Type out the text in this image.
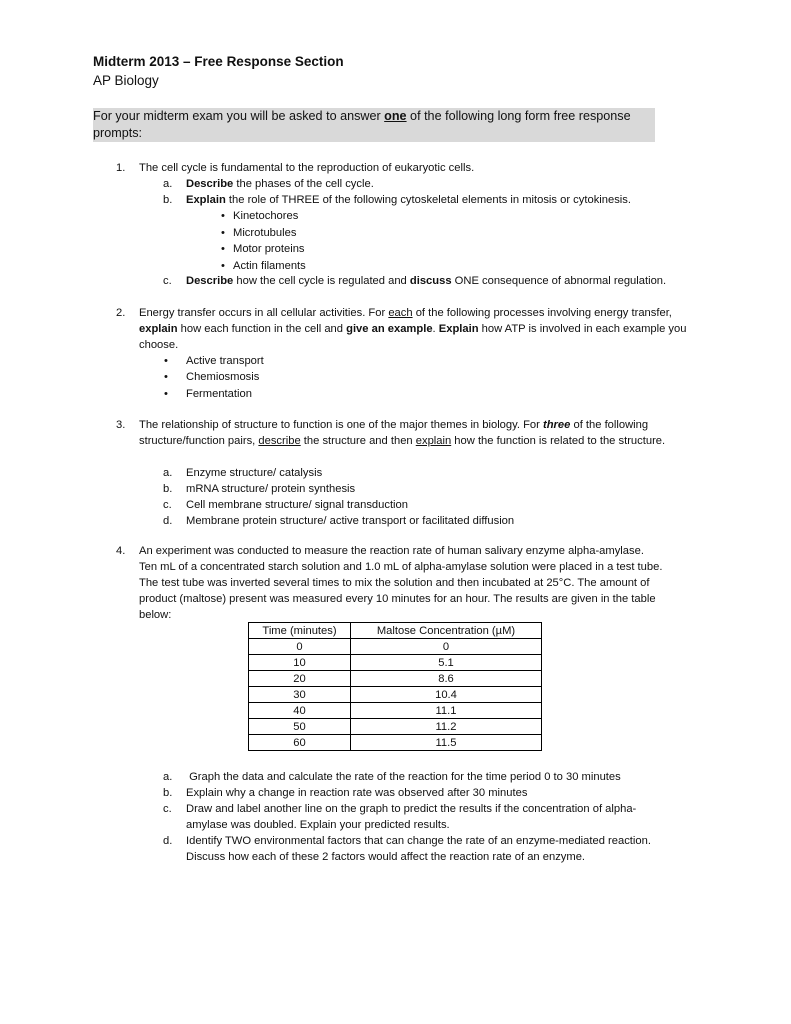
Midterm 2013 – Free Response Section
AP Biology
For your midterm exam you will be asked to answer one of the following long form free response prompts:
1. The cell cycle is fundamental to the reproduction of eukaryotic cells.
a. Describe the phases of the cell cycle.
b. Explain the role of THREE of the following cytoskeletal elements in mitosis or cytokinesis.
• Kinetochores
• Microtubules
• Motor proteins
• Actin filaments
c. Describe how the cell cycle is regulated and discuss ONE consequence of abnormal regulation.
2. Energy transfer occurs in all cellular activities. For each of the following processes involving energy transfer, explain how each function in the cell and give an example. Explain how ATP is involved in each example you choose.
• Active transport
• Chemiosmosis
• Fermentation
3. The relationship of structure to function is one of the major themes in biology. For three of the following structure/function pairs, describe the structure and then explain how the function is related to the structure.
a. Enzyme structure/ catalysis
b. mRNA structure/ protein synthesis
c. Cell membrane structure/ signal transduction
d. Membrane protein structure/ active transport or facilitated diffusion
4. An experiment was conducted to measure the reaction rate of human salivary enzyme alpha-amylase.
Ten mL of a concentrated starch solution and 1.0 mL of alpha-amylase solution were placed in a test tube.
The test tube was inverted several times to mix the solution and then incubated at 25°C. The amount of
product (maltose) present was measured every 10 minutes for an hour. The results are given in the table
below:
Time (minutes)	Maltose Concentration (µM)
0	0
10	5.1
20	8.6
30	10.4
40	11.1
50	11.2
60	11.5
a. Graph the data and calculate the rate of the reaction for the time period 0 to 30 minutes
b. Explain why a change in reaction rate was observed after 30 minutes
c. Draw and label another line on the graph to predict the results if the concentration of alpha-
amylase was doubled. Explain your predicted results.
d. Identify TWO environmental factors that can change the rate of an enzyme-mediated reaction.
Discuss how each of these 2 factors would affect the reaction rate of an enzyme.
